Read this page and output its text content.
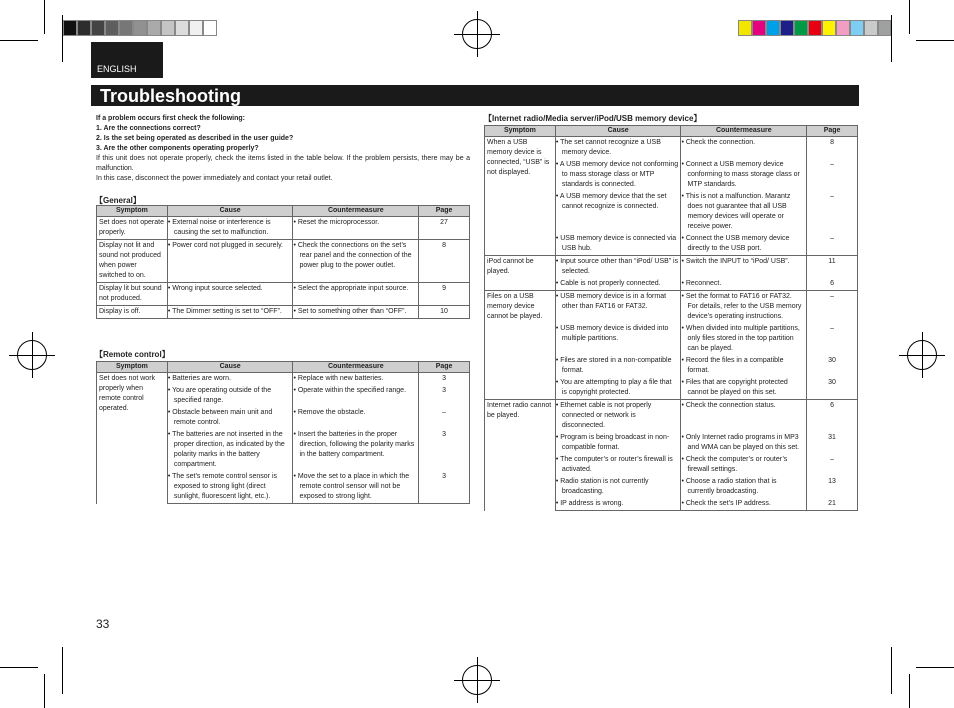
ENGLISH
Troubleshooting
If a problem occurs first check the following:
1. Are the connections correct?
2. Is the set being operated as described in the user guide?
3. Are the other components operating properly?
If this unit does not operate properly, check the items listed in the table below. If the problem persists, there may be a malfunction.
In this case, disconnect the power immediately and contact your retail outlet.
【General】
Symptom	Cause	Countermeasure	Page
Set does not operate properly.	• External noise or interference is causing the set to malfunction.	• Reset the microprocessor.	27
Display not lit and sound not produced when power switched to on.	• Power cord not plugged in securely.	• Check the connections on the set’s rear panel and the connection of the power plug to the power outlet.	8
Display lit but sound not produced.	• Wrong input source selected.	• Select the appropriate input source.	9
Display is off.	• The Dimmer setting is set to “OFF”.	• Set to something other than “OFF”.	10
【Remote control】
Symptom	Cause	Countermeasure	Page
Set does not work properly when remote control operated.	• Batteries are worn.	• Replace with new batteries.	3
	• You are operating outside of the specified range.	• Operate within the specified range.	3
	• Obstacle between main unit and remote control.	• Remove the obstacle.	–
	• The batteries are not inserted in the proper direction, as indicated by the polarity marks in the battery compartment.	• Insert the batteries in the proper direction, following the polarity marks in the battery compartment.	3
	• The set’s remote control sensor is exposed to strong light (direct sunlight, fluorescent light, etc.).	• Move the set to a place in which the remote control sensor will not be exposed to strong light.	3
【Internet radio/Media server/iPod/USB memory device】
Symptom	Cause	Countermeasure	Page
When a USB memory device is connected, “USB” is not displayed.	• The set cannot recognize a USB memory device.	• Check the connection.	8
	• A USB memory device not conforming to mass storage class or MTP standards is connected.	• Connect a USB memory device conforming to mass storage class or MTP standards.	–
	• A USB memory device that the set cannot recognize is connected.	• This is not a malfunction. Marantz does not guarantee that all USB memory devices will operate or receive power.	–
	• USB memory device is connected via USB hub.	• Connect the USB memory device directly to the USB port.	–
iPod cannot be played.	• Input source other than “iPod/ USB” is selected.	• Switch the INPUT to “iPod/ USB”.	11
	• Cable is not properly connected.	• Reconnect.	6
Files on a USB memory device cannot be played.	• USB memory device is in a format other than FAT16 or FAT32.	• Set the format to FAT16 or FAT32. For details, refer to the USB memory device’s operating instructions.	–
	• USB memory device is divided into multiple partitions.	• When divided into multiple partitions, only files stored in the top partition can be played.	–
	• Files are stored in a non-compatible format.	• Record the files in a compatible format.	30
	• You are attempting to play a file that is copyright protected.	• Files that are copyright protected cannot be played on this set.	30
Internet radio cannot be played.	• Ethernet cable is not properly connected or network is disconnected.	• Check the connection status.	6
	• Program is being broadcast in non-compatible format.	• Only Internet radio programs in MP3 and WMA can be played on this set.	31
	• The computer’s or router’s firewall is activated.	• Check the computer’s or router’s firewall settings.	–
	• Radio station is not currently broadcasting.	• Choose a radio station that is currently broadcasting.	13
	• IP address is wrong.	• Check the set’s IP address.	21
33
